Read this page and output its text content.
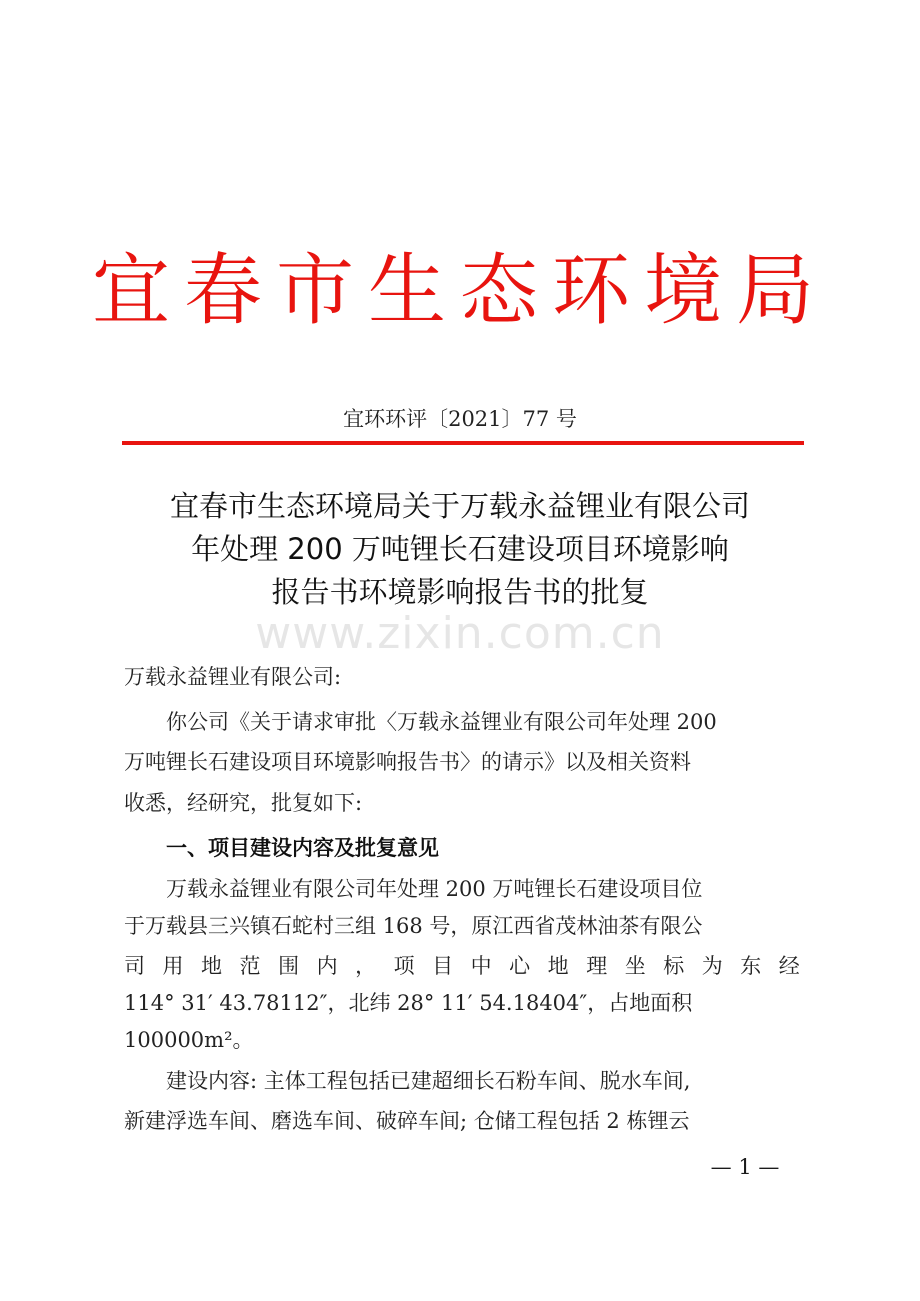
宜春市生态环境局
宜环环评〔2021〕77 号
宜春市生态环境局关于万载永益锂业有限公司
年处理 200 万吨锂长石建设项目环境影响
报告书环境影响报告书的批复
www.zixin.com.cn
万载永益锂业有限公司:
你公司《关于请求审批〈万载永益锂业有限公司年处理 200
万吨锂长石建设项目环境影响报告书〉的请示》以及相关资料
收悉，经研究，批复如下:
一、项目建设内容及批复意见
万载永益锂业有限公司年处理 200 万吨锂长石建设项目位
于万载县三兴镇石蛇村三组 168 号，原江西省茂林油茶有限公
司 用 地 范 围 内 ， 项 目 中 心 地 理 坐 标 为 东 经
114° 31′ 43.78112″，北纬 28° 11′ 54.18404″，占地面积
100000m²。
建设内容: 主体工程包括已建超细长石粉车间、脱水车间,
新建浮选车间、磨选车间、破碎车间; 仓储工程包括 2 栋锂云
— 1 —
